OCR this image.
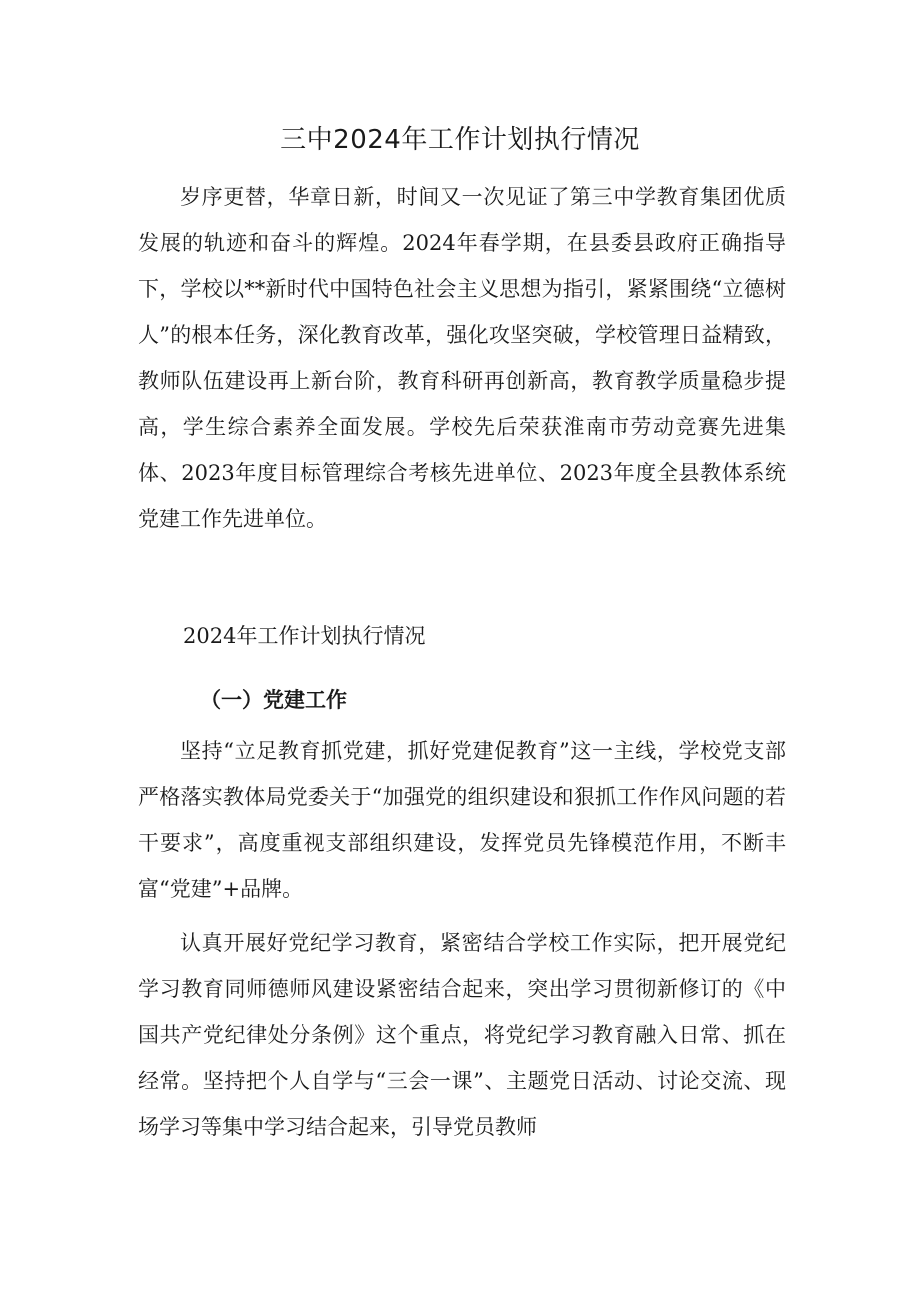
三中2024年工作计划执行情况

岁序更替，华章日新，时间又一次见证了第三中学教育集团优质发展的轨迹和奋斗的辉煌。2024年春学期，在县委县政府正确指导下，学校以**新时代中国特色社会主义思想为指引，紧紧围绕“立德树人”的根本任务，深化教育改革，强化攻坚突破，学校管理日益精致，教师队伍建设再上新台阶，教育科研再创新高，教育教学质量稳步提高，学生综合素养全面发展。学校先后荣获淮南市劳动竞赛先进集体、2023年度目标管理综合考核先进单位、2023年度全县教体系统党建工作先进单位。

2024年工作计划执行情况

（一）党建工作

坚持“立足教育抓党建，抓好党建促教育”这一主线，学校党支部严格落实教体局党委关于“加强党的组织建设和狠抓工作作风问题的若干要求”，高度重视支部组织建设，发挥党员先锋模范作用，不断丰富“党建”+品牌。

认真开展好党纪学习教育，紧密结合学校工作实际，把开展党纪学习教育同师德师风建设紧密结合起来，突出学习贯彻新修订的《中国共产党纪律处分条例》这个重点，将党纪学习教育融入日常、抓在经常。坚持把个人自学与“三会一课”、主题党日活动、讨论交流、现场学习等集中学习结合起来，引导党员教师
